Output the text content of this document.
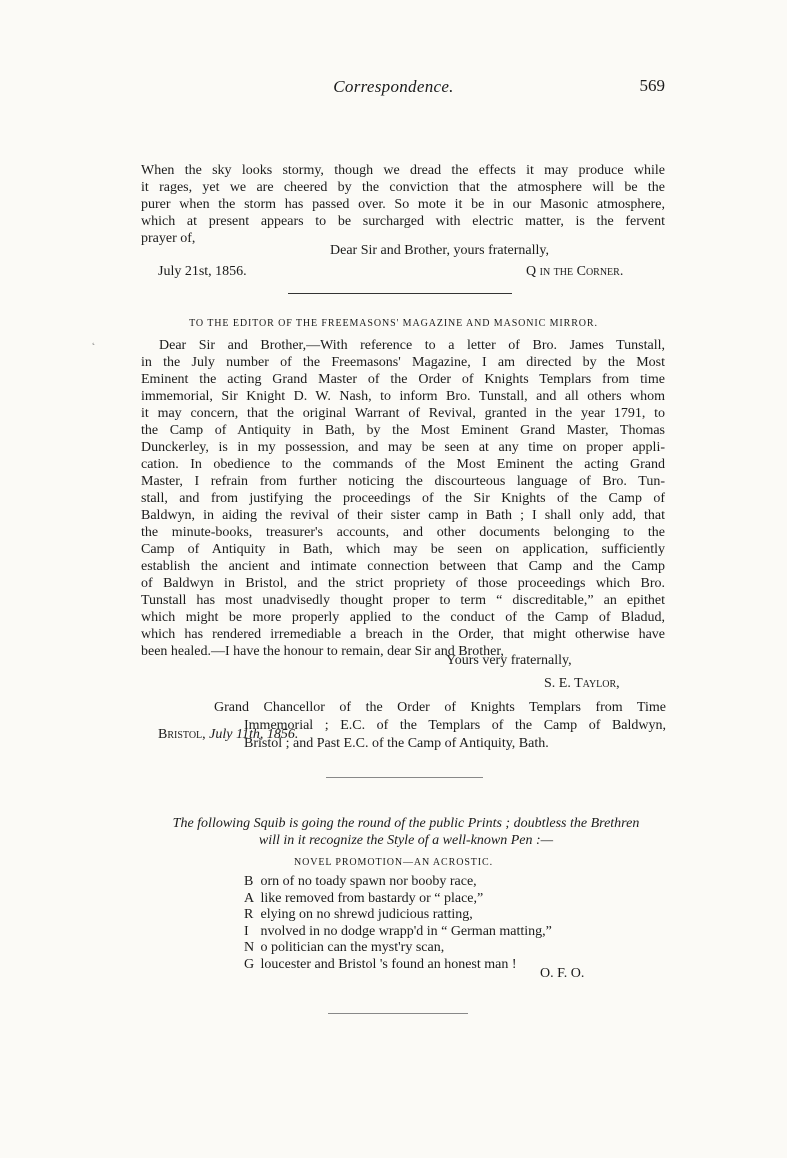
Correspondence.	569
When the sky looks stormy, though we dread the effects it may produce while
it rages, yet we are cheered by the conviction that the atmosphere will be the
purer when the storm has passed over. So mote it be in our Masonic atmosphere,
which at present appears to be surcharged with electric matter, is the fervent
prayer of,
Dear Sir and Brother, yours fraternally,
July 21st, 1856.	Q in the Corner.
TO THE EDITOR OF THE FREEMASONS' MAGAZINE AND MASONIC MIRROR.
Dear Sir and Brother,—With reference to a letter of Bro. James Tunstall,
in the July number of the Freemasons' Magazine, I am directed by the Most
Eminent the acting Grand Master of the Order of Knights Templars from time
immemorial, Sir Knight D. W. Nash, to inform Bro. Tunstall, and all others whom
it may concern, that the original Warrant of Revival, granted in the year 1791, to
the Camp of Antiquity in Bath, by the Most Eminent Grand Master, Thomas
Dunckerley, is in my possession, and may be seen at any time on proper appli-
cation. In obedience to the commands of the Most Eminent the acting Grand
Master, I refrain from further noticing the discourteous language of Bro. Tun-
stall, and from justifying the proceedings of the Sir Knights of the Camp of
Baldwyn, in aiding the revival of their sister camp in Bath ; I shall only add, that
the minute-books, treasurer's accounts, and other documents belonging to the
Camp of Antiquity in Bath, which may be seen on application, sufficiently
establish the ancient and intimate connection between that Camp and the Camp
of Baldwyn in Bristol, and the strict propriety of those proceedings which Bro.
Tunstall has most unadvisedly thought proper to term “ discreditable,” an epithet
which might be more properly applied to the conduct of the Camp of Bladud,
which has rendered irremediable a breach in the Order, that might otherwise have
been healed.—I have the honour to remain, dear Sir and Brother,
Yours very fraternally,
S. E. Taylor,
Grand Chancellor of the Order of Knights Templars from Time
Immemorial ; E.C. of the Templars of the Camp of Baldwyn,
Bristol ; and Past E.C. of the Camp of Antiquity, Bath.
Bristol, July 11th, 1856.
The following Squib is going the round of the public Prints ; doubtless the Brethren
will in it recognize the Style of a well-known Pen :—
NOVEL PROMOTION—AN ACROSTIC.
B orn of no toady spawn nor booby race,
A like removed from bastardy or “ place,”
R elying on no shrewd judicious ratting,
I nvolved in no dodge wrapp'd in “ German matting,”
N o politician can the myst'ry scan,
G loucester and Bristol 's found an honest man !
O. F. O.
˛
